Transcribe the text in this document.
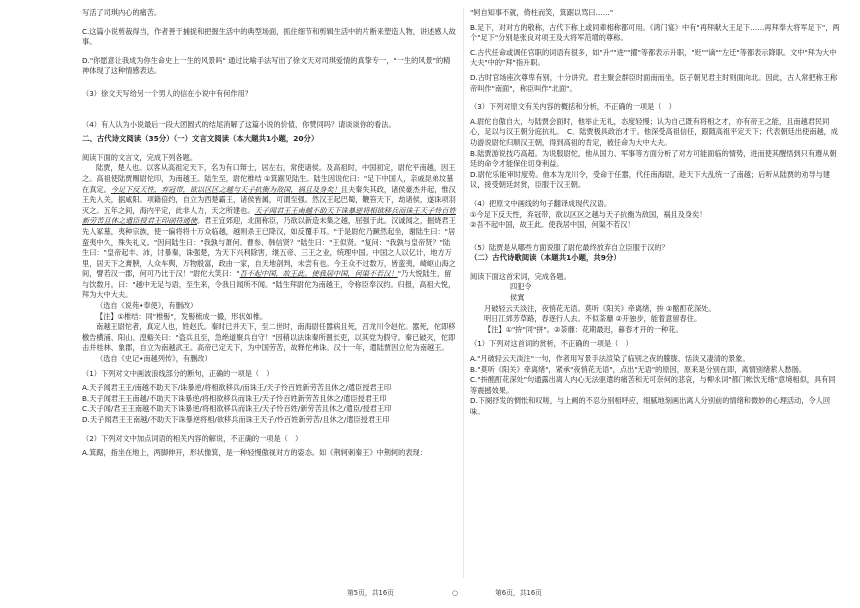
写活了司琪内心的痛苦。

C.这篇小说剪裁得当，作者善于捕捉和把握生活中的典型场面，抓住细节和剪辑生活中的片断来塑造人物，讲述感人故事。

D."你愿意让我成为你生命史上一生的风景吗" 通过比喻手法写出了徐文天对司琪爱情的真挚专一，"一生的风景"的精神体现了这种情感表达。

（3）徐文天写给另一个男人的信在小说中有何作用？

（4）有人认为小说最后一段大团圆式的结尾消解了这篇小说的价值，你赞同吗？请谈谈你的看法。

二、古代诗文阅读（35分）（一）文言文阅读（本大题共1小题，20分）

阅读下面的文言文，完成下列各题。

陆贾，楚人也。以客从高祖定天下，名为有口辩士，居左右，常使诸侯。及高祖时，中国初定，尉佗平南越，因王之。高祖使陆贾赐尉佗印，为南越王。陆生至，尉佗椎结 ①箕踞见陆生。陆生因说佗曰："足下中国人，亲戚昆弟坟墓在真定。今足下反天性，弃冠带，欲以区区之越与天子抗衡为敌国，祸且及身矣！且夫秦失其政，诸侯豪杰并起，惟汉王先入关，据咸阳。项籍倍约，自立为西楚霸王，诸侯皆属，可谓至强。然汉王起巴蜀，鞭笞天下，劫诸侯，遂诛项羽灭之。五年之间，海内平定，此非人力，天之所建也。天子闻君王王南越不助天下诛暴逆将相欲移兵而诛王天子怜百姓新劳苦且休之遣臣授君王印剖符通使。君王宜郊迎，北面称臣，乃欲以新造未集之越，屈强于此。汉诚闻之，掘烧君王先人冢墓，夷种宗族，使一偏将将十万众临越，越则杀王已降汉，如反覆手耳。"于是尉佗乃蹶然起坐，谢陆生曰："居蛮夷中久，殊失礼义。"因问陆生曰："我孰与萧何、曹参、韩信贤？"陆生曰："王似贤。"复问："我孰与皇帝贤？"陆生曰："皇帝起丰、沛，讨暴秦，诛强楚，为天下兴利除害，继五帝、三王之业，统理中国。中国之人以亿计，地方万里，居天下之膏腴，人众车舆，万物殷富，政由一家，自天地剖判，未尝有也。今王众不过数万，皆蛮夷，崎岖山海之间，譬若汉一郡，何可乃比于汉！"尉佗大笑曰："吾不起中国，故王此。使我居中国，何渠不若汉！"乃大悦陆生，留与饮数月。曰："越中无足与语，至生来，令我日闻所不闻。"陆生拜尉佗为南越王，令称臣奉汉约。归报，高祖大悦，拜为大中大夫。

（选自《说苑•奉使》，有删改）

【注】①椎结：同"椎髻"，发髻梳成一撮，形状如椎。

南越王尉佗者，真定人也，姓赵氏。秦时已并天下，至二世时，南海尉任嚣病且死，召龙川令赵佗。嚣死，佗即移檄告横浦、阳山、湟谿关曰："盗兵且至，急绝道聚兵自守！"因稍以法诛秦所置长吏，以其党为假守。秦已破灭，佗即击并桂林、象郡，自立为南越武王。高帝已定天下，为中国劳苦，故释佗弗诛。汉十一年，遣陆贾因立佗为南越王。

（选自《史记•南越列传》，有删改）

（1）下列对文中画波浪线部分的断句，正确的一项是（　）

A.天子闻君王王/南越不助天下/诛暴逆/将相欲移兵/而诛王/天子怜百姓新劳苦且休之/遣臣授君王印
B.天子闻君王王南越/不助天下诛暴逆/将相欲移兵而诛王/天子怜百姓新劳苦且休之/遣臣授君王印
C.天子闻/君王王南越不助天下诛暴逆/将相欲移兵而诛王/天子怜百姓/新劳苦且休之/遣臣/授君王印
D.天子闻君王王南越/不助天下诛暴逆将相/欲移兵而诛王天子/怜百姓新劳苦/且休之/遣臣授君王印

（2）下列对文中加点词语的相关内容的解说，不正确的一项是（　）

A.箕踞，指坐在地上，两脚伸开，形状像箕，是一种轻慢傲视对方的姿态。如《荆轲刺秦王》中荆轲的表现：

"轲自知事不就，倚柱而笑，箕踞以骂曰……"

B.足下，对对方的敬称，古代下称上或同辈相称都可用。《鸿门宴》中有"再拜献大王足下……再拜奉大将军足下"，两个"足下"分别是张良对项王及大将军范增的尊称。

C.古代任命或调任官职的词语有很多，如"升""进""擢"等都表示升职，"贬""谪""左迁"等都表示降职。文中"拜为大中大夫"中的"拜"指升职。

D.古时官场座次尊卑有别，十分讲究。君主聚会群臣时面南而坐，臣子朝见君主时则面向北。因此，古人常把称王称帝叫作"南面"，称臣叫作"北面"。

（3）下列对原文有关内容的概括和分析，不正确的一项是（　）

A.尉佗自傲自大，与陆贾会面时，他举止无礼，态度轻慢；认为自己既有将相之才，亦有帝王之能，且南越君民同心，足以与汉王朝分庭抗礼。　C．陆贾极具政治才干。他深受高祖信任，跟随高祖平定天下；代表朝廷出使南越，成功游说尉佗归顺汉王朝，得到高祖的肯定，被任命为大中大夫。

B.陆贾游说技巧高超。为说服尉佗，他从国力、军事等方面分析了对方可能面临的情势，进而使其醒悟到只有遵从朝廷的命令才能保住切身利益。

D.尉佗乐能审时度势。他本为龙川令，受命于任嚣，代任南海尉，趁天下大乱统一了南越；后听从陆贾的劝导与建议，接受朝廷封赏，臣服于汉王朝。

（4）把原文中画线的句子翻译成现代汉语。

①今足下反天性，弃冠带，欲以区区之越与天子抗衡为敌国，祸且及身矣！

②吾不起中国，故王此。使我居中国，何渠不若汉！

（5）陆贾是从哪些方面说服了尉佗最终放弃自立臣服于汉的？

（二）古代诗歌阅读（本题共1小题，共9分）

阅读下面这首宋词，完成各题。

四犯令

侯寘

月破轻云天淡注，夜悄花无语。莫听《阳关》牵离绪，拚 ①酩酊花深处。

明日江郊芳草路，春逐行人去。不似荼蘼 ②开独步，能着意留春住。

【注】①"拚"同"拼"。②荼蘼：花期最迟，暮春才开的一种花。

（1）下列对这首词的赏析，不正确的一项是（　）

A."月破轻云天淡注"一句，作者用写景手法渲染了临别之夜的朦胧、恬淡又凄清的景象。

B."莫听《阳关》牵离绪"，紧承"夜悄花无语"，点出"无语"的原因，原来是分别在即，离情别绪萦人愁肠。

C."拚酩酊花深处"句通露出离人内心无法驱遣的痛苦和无可奈何的悲哀，与柳永词"都门帐饮无绪"意境相似，具有同等震撼效果。

D.下阕抒发的惆怅和叹嗟，与上阙的不忍分别相呼应，细腻地刻画出离人分别前的情绪和微妙的心理活动，令人回味。

第5页，共16页	○	第6页，共16页
